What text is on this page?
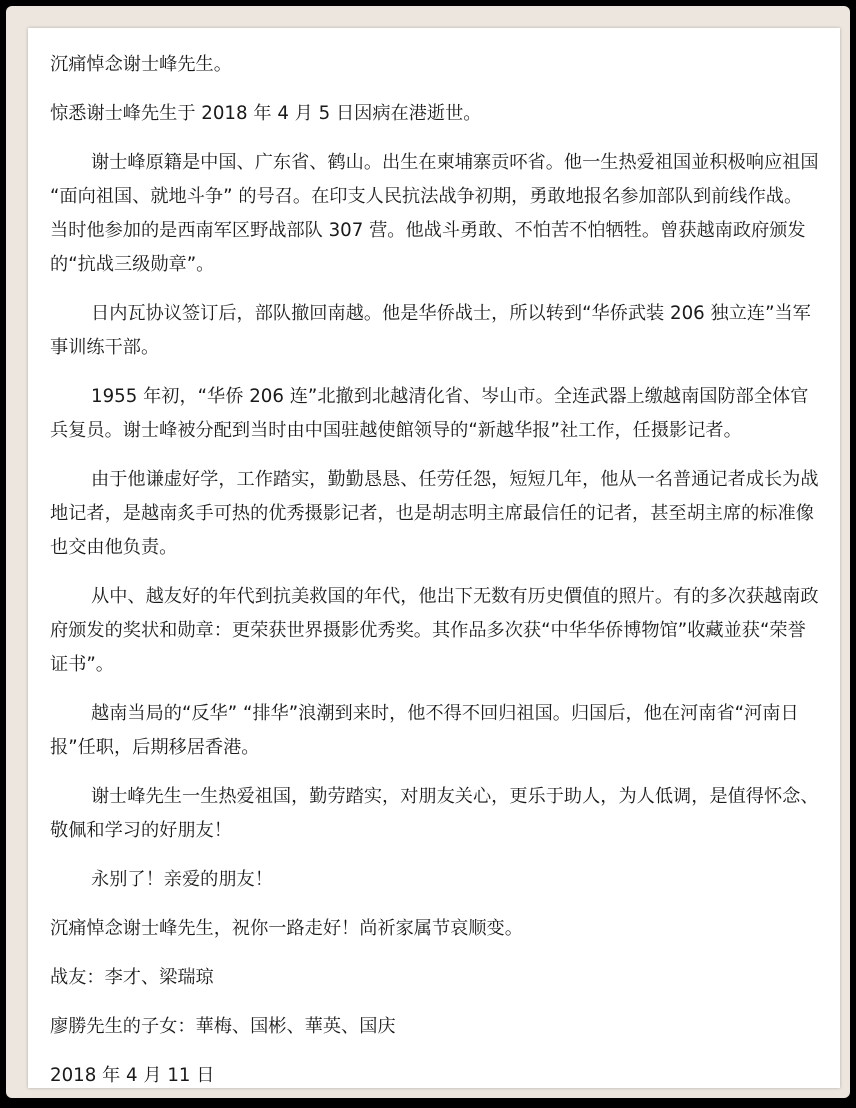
沉痛悼念谢士峰先生。

惊悉谢士峰先生于 2018 年 4 月 5 日因病在港逝世。

谢士峰原籍是中国、广东省、鹤山。出生在柬埔寨贡吥省。他一生热爱祖国並积极响应祖国 “面向祖国、就地斗争” 的号召。在印支人民抗法战争初期，勇敢地报名参加部队到前线作战。当时他参加的是西南军区野战部队 307 营。他战斗勇敢、不怕苦不怕牺牲。曾获越南政府颁发的“抗战三级勋章”。

日内瓦协议签订后，部队撤回南越。他是华侨战士，所以转到“华侨武装 206 独立连”当军事训练干部。

1955 年初，“华侨 206 连”北撤到北越清化省、岑山市。全连武器上缴越南国防部全体官兵复员。谢士峰被分配到当时由中国驻越使館领导的“新越华报”社工作，任摄影记者。

由于他谦虚好学，工作踏实，勤勤恳恳、任劳任怨，短短几年，他从一名普通记者成长为战地记者，是越南炙手可热的优秀摄影记者，也是胡志明主席最信任的记者，甚至胡主席的标准像也交由他负责。

从中、越友好的年代到抗美救国的年代，他岀下无数有历史價值的照片。有的多次获越南政府颁发的奖状和勋章：更荣获世界摄影优秀奖。其作品多次获“中华华侨博物馆”收藏並获“荣誉证书”。

越南当局的“反华” “排华”浪潮到来时，他不得不回归祖国。归国后，他在河南省“河南日报”任职，后期移居香港。

谢士峰先生一生热爱祖国，勤劳踏实，对朋友关心，更乐于助人，为人低调，是值得怀念、敬佩和学习的好朋友！

永别了！亲爱的朋友！

沉痛悼念谢士峰先生，祝你一路走好！尚祈家属节哀顺变。

战友：李才、梁瑞琼

廖勝先生的子女：華梅、国彬、華英、国庆

2018 年 4 月 11 日
